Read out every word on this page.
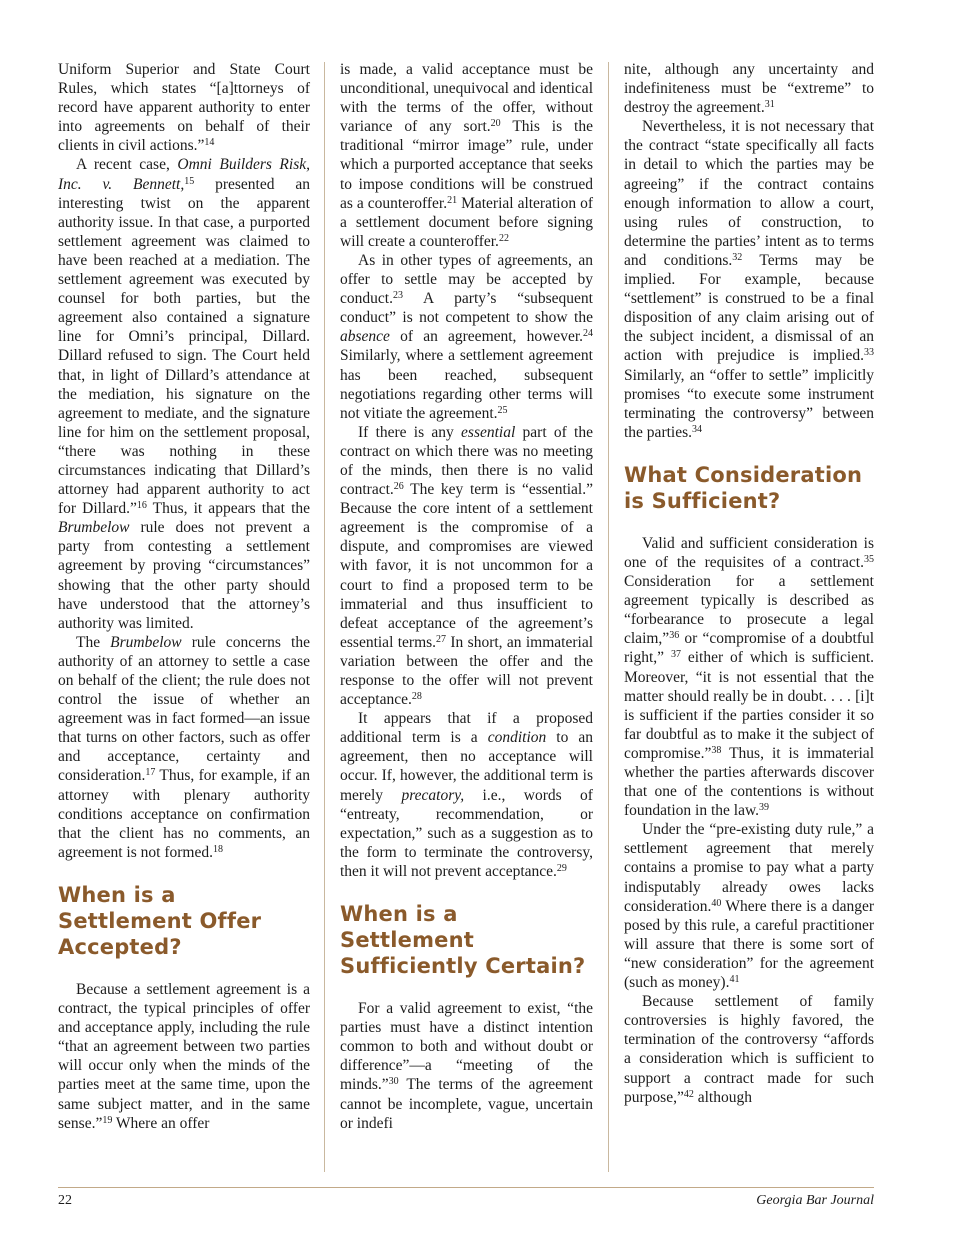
Uniform Superior and State Court Rules, which states “[a]ttorneys of record have apparent authority to enter into agreements on behalf of their clients in civil actions.”$^{14}$

A recent case, Omni Builders Risk, Inc. v. Bennett,$^{15}$ presented an interesting twist on the apparent authority issue. In that case, a purported settlement agreement was claimed to have been reached at a mediation. The settlement agreement was executed by counsel for both parties, but the agreement also contained a signature line for Omni’s principal, Dillard. Dillard refused to sign. The Court held that, in light of Dillard’s attendance at the mediation, his signature on the agreement to mediate, and the signature line for him on the settlement proposal, “there was nothing in these circumstances indicating that Dillard’s attorney had apparent authority to act for Dillard.”$^{16}$ Thus, it appears that the Brumbelow rule does not prevent a party from contesting a settlement agreement by proving “circumstances” showing that the other party should have understood that the attorney’s authority was limited.

The Brumbelow rule concerns the authority of an attorney to settle a case on behalf of the client; the rule does not control the issue of whether an agreement was in fact formed—an issue that turns on other factors, such as offer and acceptance, certainty and consideration.$^{17}$ Thus, for example, if an attorney with plenary authority conditions acceptance on confirmation that the client has no comments, an agreement is not formed.$^{18}$

When is a Settlement Offer Accepted?

Because a settlement agreement is a contract, the typical principles of offer and acceptance apply, including the rule “that an agreement between two parties will occur only when the minds of the parties meet at the same time, upon the same subject matter, and in the same sense.”$^{19}$ Where an offer

is made, a valid acceptance must be unconditional, unequivocal and identical with the terms of the offer, without variance of any sort.$^{20}$ This is the traditional “mirror image” rule, under which a purported acceptance that seeks to impose conditions will be construed as a counteroffer.$^{21}$ Material alteration of a settlement document before signing will create a counteroffer.$^{22}$

As in other types of agreements, an offer to settle may be accepted by conduct.$^{23}$ A party’s “subsequent conduct” is not competent to show the absence of an agreement, however.$^{24}$ Similarly, where a settlement agreement has been reached, subsequent negotiations regarding other terms will not vitiate the agreement.$^{25}$

If there is any essential part of the contract on which there was no meeting of the minds, then there is no valid contract.$^{26}$ The key term is “essential.” Because the core intent of a settlement agreement is the compromise of a dispute, and compromises are viewed with favor, it is not uncommon for a court to find a proposed term to be immaterial and thus insufficient to defeat acceptance of the agreement’s essential terms.$^{27}$ In short, an immaterial variation between the offer and the response to the offer will not prevent acceptance.$^{28}$

It appears that if a proposed additional term is a condition to an agreement, then no acceptance will occur. If, however, the additional term is merely precatory, i.e., words of “entreaty, recommendation, or expectation,” such as a suggestion as to the form to terminate the controversy, then it will not prevent acceptance.$^{29}$

When is a Settlement Sufficiently Certain?

For a valid agreement to exist, “the parties must have a distinct intention common to both and without doubt or difference”—a “meeting of the minds.”$^{30}$ The terms of the agreement cannot be incomplete, vague, uncertain or indefi

nite, although any uncertainty and indefiniteness must be “extreme” to destroy the agreement.$^{31}$

Nevertheless, it is not necessary that the contract “state specifically all facts in detail to which the parties may be agreeing” if the contract contains enough information to allow a court, using rules of construction, to determine the parties’ intent as to terms and conditions.$^{32}$ Terms may be implied. For example, because “settlement” is construed to be a final disposition of any claim arising out of the subject incident, a dismissal of an action with prejudice is implied.$^{33}$ Similarly, an “offer to settle” implicitly promises “to execute some instrument terminating the controversy” between the parties.$^{34}$

What Consideration is Sufficient?

Valid and sufficient consideration is one of the requisites of a contract.$^{35}$ Consideration for a settlement agreement typically is described as “forbearance to prosecute a legal claim,”$^{36}$ or “compromise of a doubtful right,” $^{37}$ either of which is sufficient. Moreover, “it is not essential that the matter should really be in doubt. . . . [i]t is sufficient if the parties consider it so far doubtful as to make it the subject of compromise.”$^{38}$ Thus, it is immaterial whether the parties afterwards discover that one of the contentions is without foundation in the law.$^{39}$

Under the “pre-existing duty rule,” a settlement agreement that merely contains a promise to pay what a party indisputably already owes lacks consideration.$^{40}$ Where there is a danger posed by this rule, a careful practitioner will assure that there is some sort of “new consideration” for the agreement (such as money).$^{41}$

Because settlement of family controversies is highly favored, the termination of the controversy “affords a consideration which is sufficient to support a contract made for such purpose,”$^{42}$ although

22	Georgia Bar Journal
